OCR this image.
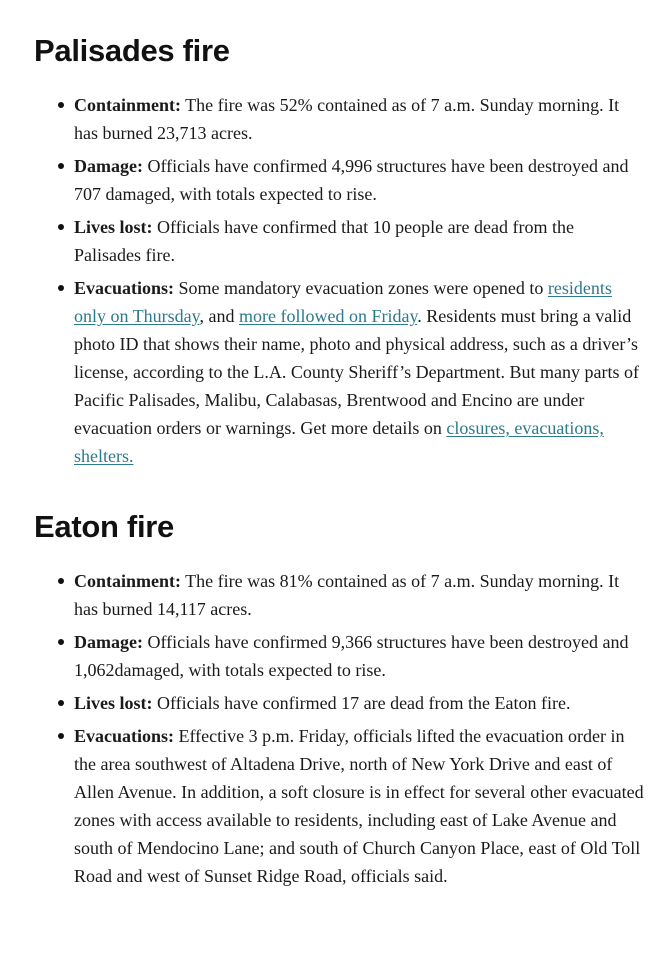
Palisades fire
Containment: The fire was 52% contained as of 7 a.m. Sunday morning. It has burned 23,713 acres.
Damage: Officials have confirmed 4,996 structures have been destroyed and 707 damaged, with totals expected to rise.
Lives lost: Officials have confirmed that 10 people are dead from the Palisades fire.
Evacuations: Some mandatory evacuation zones were opened to residents only on Thursday, and more followed on Friday. Residents must bring a valid photo ID that shows their name, photo and physical address, such as a driver’s license, according to the L.A. County Sheriff’s Department. But many parts of Pacific Palisades, Malibu, Calabasas, Brentwood and Encino are under evacuation orders or warnings. Get more details on closures, evacuations, shelters.
Eaton fire
Containment: The fire was 81% contained as of 7 a.m. Sunday morning. It has burned 14,117 acres.
Damage: Officials have confirmed 9,366 structures have been destroyed and 1,062damaged, with totals expected to rise.
Lives lost: Officials have confirmed 17 are dead from the Eaton fire.
Evacuations: Effective 3 p.m. Friday, officials lifted the evacuation order in the area southwest of Altadena Drive, north of New York Drive and east of Allen Avenue. In addition, a soft closure is in effect for several other evacuated zones with access available to residents, including east of Lake Avenue and south of Mendocino Lane; and south of Church Canyon Place, east of Old Toll Road and west of Sunset Ridge Road, officials said.
